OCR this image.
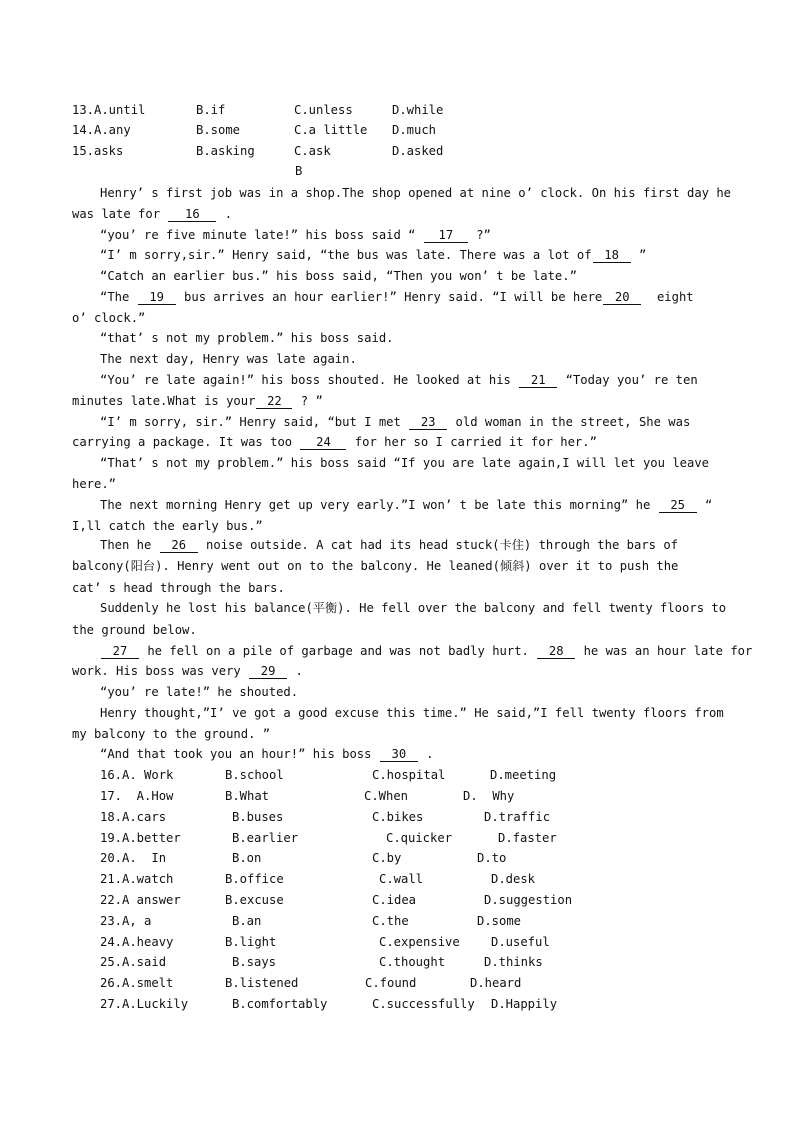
13.A.until	B.if	C.unless	D.while
14.A.any	B.some	C.a little D.much
15.asks	B.asking	C.ask	D.asked
B
Henry’ s first job was in a shop.The shop opened at nine o’ clock. On his first day he
was late for 16 .
“you’ re five minute late!” his boss said “ 17 ?”
“I’ m sorry,sir.” Henry said, “the bus was late. There was a lot of 18 ”
“Catch an earlier bus.” his boss said, “Then you won’ t be late.”
“The 19 bus arrives an hour earlier!” Henry said. “I will be here 20  eight
o’ clock.”
“that’ s not my problem.” his boss said.
The next day, Henry was late again.
“You’ re late again!” his boss shouted. He looked at his 21 “Today you’ re ten
minutes late.What is your 22 ? ”
“I’ m sorry, sir.” Henry said, “but I met 23 old woman in the street, She was
carrying a package. It was too 24 for her so I carried it for her.”
“That’ s not my problem.” his boss said “If you are late again,I will let you leave
here.”
The next morning Henry get up very early.”I won’ t be late this morning” he 25 “
I,ll catch the early bus.”
Then he 26 noise outside. A cat had its head stuck(卡住) through the bars of
balcony(阳台). Henry went out on to the balcony. He leaned(倾斜) over it to push the
cat’ s head through the bars.
Suddenly he lost his balance(平衡). He fell over the balcony and fell twenty floors to
the ground below.
27 he fell on a pile of garbage and was not badly hurt. 28 he was an hour late for
work. His boss was very 29 .
“you’ re late!” he shouted.
Henry thought,”I’ ve got a good excuse this time.” He said,”I fell twenty floors from
my balcony to the ground. ”
“And that took you an hour!” his boss 30 .
16.A. Work	B.school	C.hospital	D.meeting
17.  A.How	B.What	C.When	D.  Why
18.A.cars	B.buses	C.bikes	D.traffic
19.A.better	B.earlier	C.quicker	D.faster
20.A.  In	B.on	C.by	D.to
21.A.watch	B.office	C.wall	D.desk
22.A answer	B.excuse	C.idea	D.suggestion
23.A, a	B.an	C.the	D.some
24.A.heavy	B.light	C.expensive	D.useful
25.A.said	B.says	C.thought	D.thinks
26.A.smelt	B.listened	C.found	D.heard
27.A.Luckily	B.comfortably	C.successfully D.Happily
